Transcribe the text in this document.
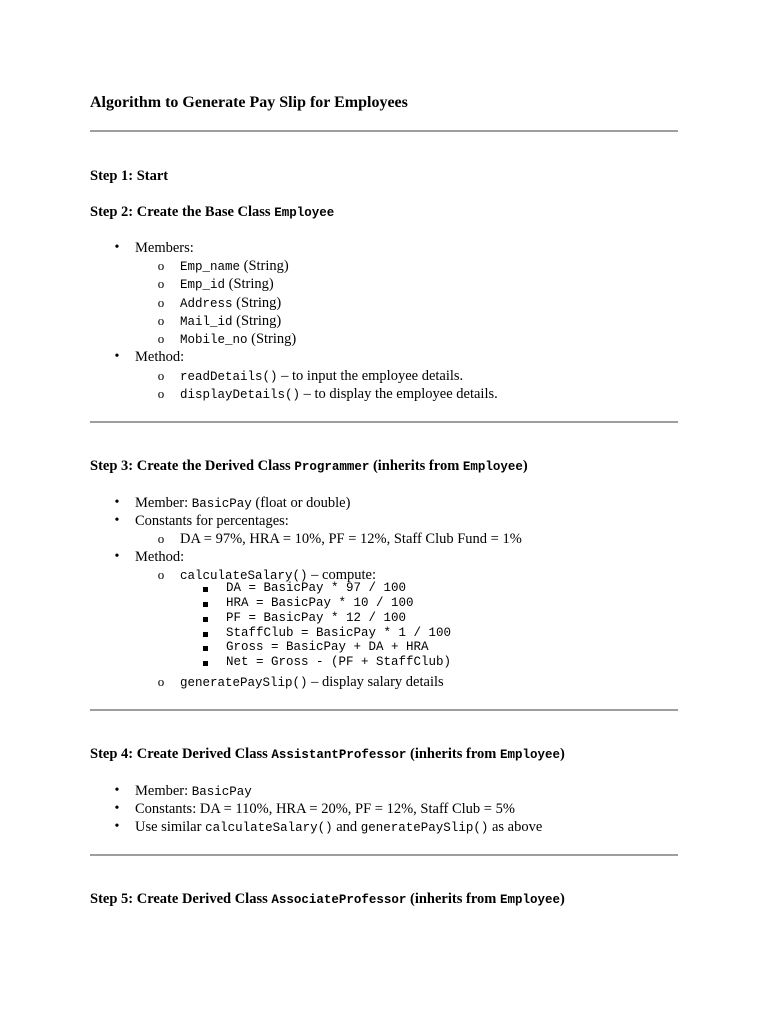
Algorithm to Generate Pay Slip for Employees
Step 1: Start
Step 2: Create the Base Class Employee
• Members:
o Emp_name (String)
o Emp_id (String)
o Address (String)
o Mail_id (String)
o Mobile_no (String)
• Method:
o readDetails() – to input the employee details.
o displayDetails() – to display the employee details.
Step 3: Create the Derived Class Programmer (inherits from Employee)
• Member: BasicPay (float or double)
• Constants for percentages:
o DA = 97%, HRA = 10%, PF = 12%, Staff Club Fund = 1%
• Method:
o calculateSalary() – compute:
DA = BasicPay * 97 / 100
HRA = BasicPay * 10 / 100
PF = BasicPay * 12 / 100
StaffClub = BasicPay * 1 / 100
Gross = BasicPay + DA + HRA
Net = Gross - (PF + StaffClub)
o generatePaySlip() – display salary details
Step 4: Create Derived Class AssistantProfessor (inherits from Employee)
• Member: BasicPay
• Constants: DA = 110%, HRA = 20%, PF = 12%, Staff Club = 5%
• Use similar calculateSalary() and generatePaySlip() as above
Step 5: Create Derived Class AssociateProfessor (inherits from Employee)
